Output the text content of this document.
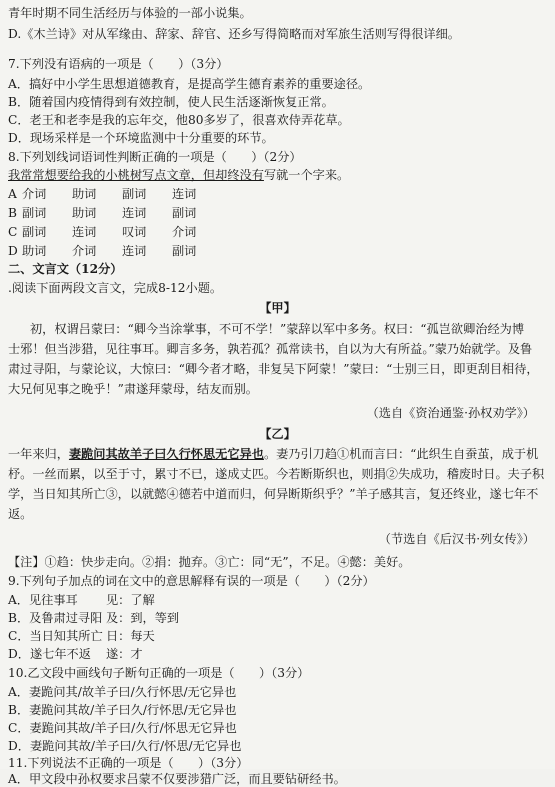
青年时期不同生活经历与体验的一部小说集。
D.《木兰诗》对从军缘由、辞家、辞官、还乡写得简略而对军旅生活则写得很详细。
7.下列没有语病的一项是（　　）（3分）
A．搞好中小学生思想道德教育，是提高学生德育素养的重要途径。
B．随着国内疫情得到有效控制，使人民生活逐渐恢复正常。
C．老王和老李是我的忘年交，他80多岁了，很喜欢侍弄花草。
D．现场采样是一个环境监测中十分重要的环节。
8.下列划线词语词性判断正确的一项是（　　）（2分）
我常常想要给我的小桃树写点文章，但却终没有写就一个字来。
A 介词 助词 副词 连词
B 副词 助词 连词 副词
C 副词 连词 叹词 介词
D 助词 介词 连词 副词
二、文言文（12分）
.阅读下面两段文言文，完成8-12小题。
【甲】
初，权谓吕蒙曰：“卿今当涂掌事，不可不学！”蒙辞以军中多务。权曰：“孤岂欲卿治经为博
士邪！但当涉猎，见往事耳。卿言多务，孰若孤？孤常读书，自以为大有所益。”蒙乃始就学。及鲁
肃过寻阳，与蒙论议，大惊曰：“卿今者才略，非复吴下阿蒙！”蒙曰：“士别三日，即更刮目相待，
大兄何见事之晚乎！”肃遂拜蒙母，结友而别。
（选自《资治通鉴·孙权劝学》）
【乙】
一年来归，妻跪问其故羊子曰久行怀思无它异也。妻乃引刀趋①机而言曰：“此织生自蚕茧，成于机
杼。一丝而累，以至于寸，累寸不已，遂成丈匹。今若断斯织也，则捐②失成功，稽废时日。夫子积
学，当日知其所亡③，以就懿④德若中道而归，何异断斯织乎？”羊子感其言，复还终业，遂七年不
返。
（节选自《后汉书·列女传》）
【注】①趋：快步走向。②捐：抛弃。③亡：同“无”，不足。④懿：美好。
9.下列句子加点的词在文中的意思解释有误的一项是（　　）（2分）
A．见往事耳 见：了解
B．及鲁肃过寻阳 及：到，等到
C．当日知其所亡 日：每天
D．遂七年不返 遂：才
10.乙文段中画线句子断句正确的一项是（　　）（3分）
A．妻跪问其/故羊子曰/久行怀思/无它异也
B．妻跪问其故/羊子曰久/行怀思/无它异也
C．妻跪问其故/羊子曰/久行/怀思无它异也
D．妻跪问其故/羊子曰/久行/怀思/无它异也
11.下列说法不正确的一项是（　　）（3分）
A．甲文段中孙权要求吕蒙不仅要涉猎广泛，而且要钻研经书。
